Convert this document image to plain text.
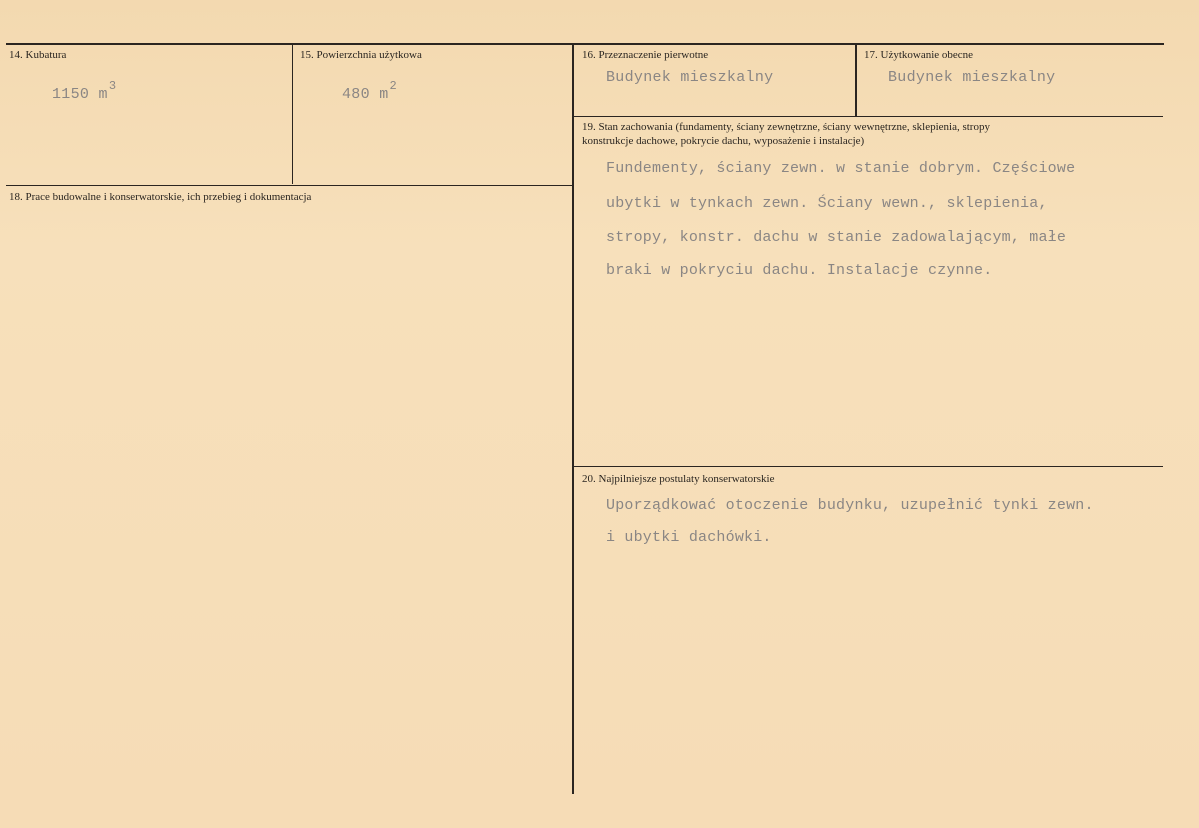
14. Kubatura
1150 $m^3$
15. Powierzchnia użytkowa
480 $m^2$
16. Przeznaczenie pierwotne
Budynek mieszkalny
17. Użytkowanie obecne
Budynek mieszkalny
18. Prace budowalne i konserwatorskie, ich przebieg i dokumentacja
19. Stan zachowania (fundamenty, ściany zewnętrzne, ściany wewnętrzne, sklepienia, stropy
konstrukcje dachowe, pokrycie dachu, wyposażenie i instalacje)
Fundementy, ściany zewn. w stanie dobrym. Częściowe
ubytki w tynkach zewn. Ściany wewn., sklepienia,
stropy, konstr. dachu w stanie zadowalającym, małe
braki w pokryciu dachu. Instalacje czynne.
20. Najpilniejsze postulaty konserwatorskie
Uporządkować otoczenie budynku, uzupełnić tynki zewn.
i ubytki dachówki.
